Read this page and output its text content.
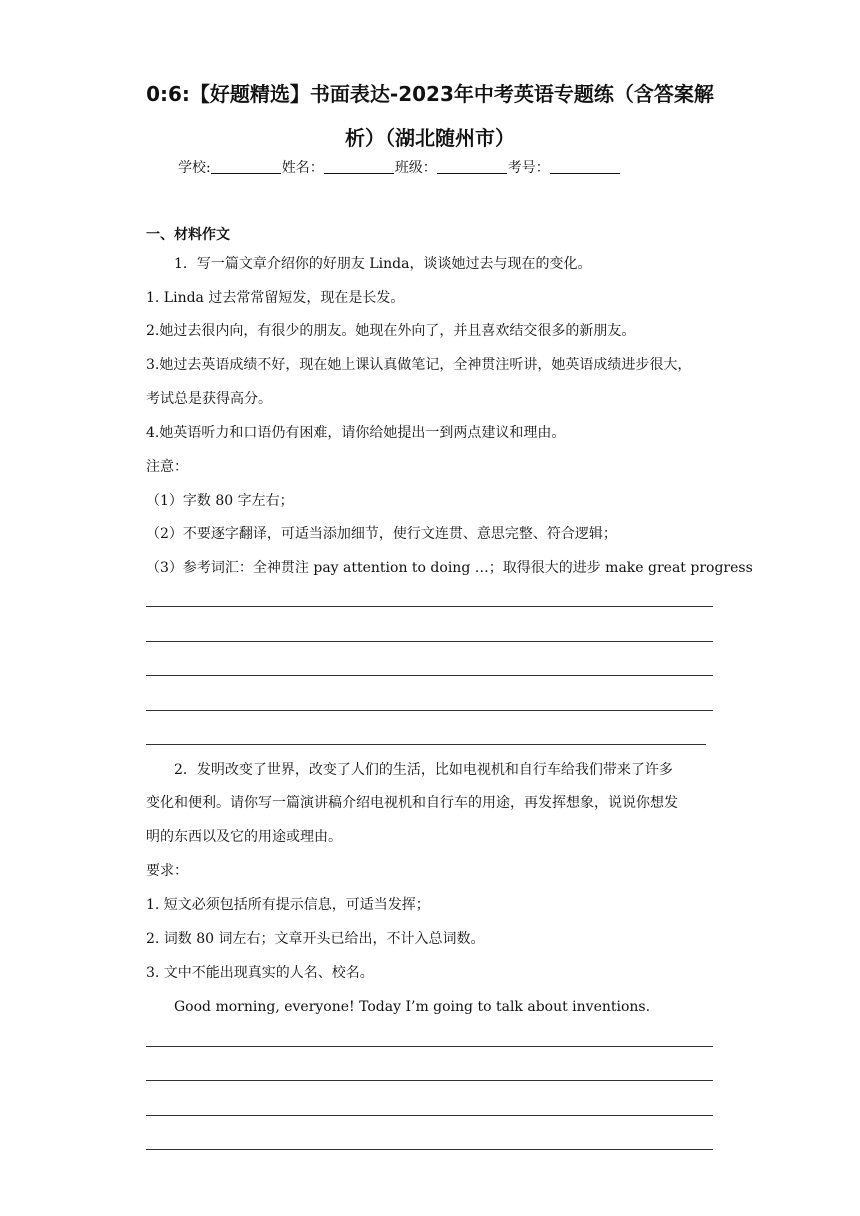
0:6:【好题精选】书面表达-2023年中考英语专题练（含答案解析）（湖北随州市）
学校:	姓名：	班级：	考号：
一、材料作文
1．写一篇文章介绍你的好朋友 Linda，谈谈她过去与现在的变化。
1. Linda 过去常常留短发，现在是长发。
2.她过去很内向，有很少的朋友。她现在外向了，并且喜欢结交很多的新朋友。
3.她过去英语成绩不好，现在她上课认真做笔记，全神贯注听讲，她英语成绩进步很大，
考试总是获得高分。
4.她英语听力和口语仍有困难，请你给她提出一到两点建议和理由。
注意：
（1）字数 80 字左右；
（2）不要逐字翻译，可适当添加细节，使行文连贯、意思完整、符合逻辑；
（3）参考词汇：全神贯注 pay attention to doing …；取得很大的进步 make great progress
2．发明改变了世界，改变了人们的生活，比如电视机和自行车给我们带来了许多
变化和便利。请你写一篇演讲稿介绍电视机和自行车的用途，再发挥想象，说说你想发
明的东西以及它的用途或理由。
要求：
1. 短文必须包括所有提示信息，可适当发挥；
2. 词数 80 词左右；文章开头已给出，不计入总词数。
3. 文中不能出现真实的人名、校名。
Good morning, everyone! Today I’m going to talk about inventions.
